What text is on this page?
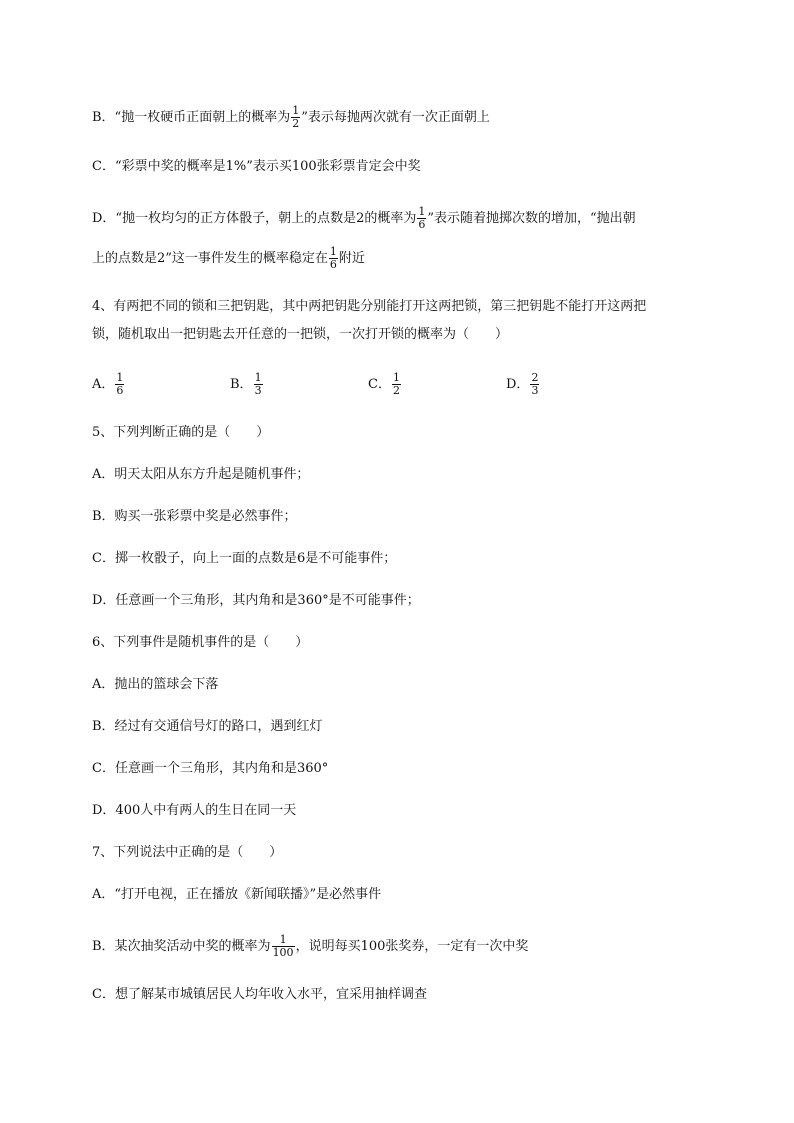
B．“抛一枚硬币正面朝上的概率为 $\frac{1}{2}$ ”表示每抛两次就有一次正面朝上
C．“彩票中奖的概率是1%”表示买100张彩票肯定会中奖
D．“抛一枚均匀的正方体骰子，朝上的点数是2的概率为 $\frac{1}{6}$ ”表示随着抛掷次数的增加，“抛出朝
上的点数是2”这一事件发生的概率稳定在 $\frac{1}{6}$ 附近
4、有两把不同的锁和三把钥匙，其中两把钥匙分别能打开这两把锁，第三把钥匙不能打开这两把
锁，随机取出一把钥匙去开任意的一把锁，一次打开锁的概率为（　　）
A． $\frac{1}{6}$	B． $\frac{1}{3}$	C． $\frac{1}{2}$	D． $\frac{2}{3}$
5、下列判断正确的是（　　）
A．明天太阳从东方升起是随机事件；
B．购买一张彩票中奖是必然事件；
C．掷一枚骰子，向上一面的点数是6是不可能事件；
D．任意画一个三角形，其内角和是360°是不可能事件；
6、下列事件是随机事件的是（　　）
A．抛出的篮球会下落
B．经过有交通信号灯的路口，遇到红灯
C．任意画一个三角形，其内角和是360°
D．400人中有两人的生日在同一天
7、下列说法中正确的是（　　）
A．“打开电视，正在播放《新闻联播》”是必然事件
B．某次抽奖活动中奖的概率为 $\frac{1}{100}$ ，说明每买100张奖券，一定有一次中奖
C．想了解某市城镇居民人均年收入水平，宜采用抽样调查
